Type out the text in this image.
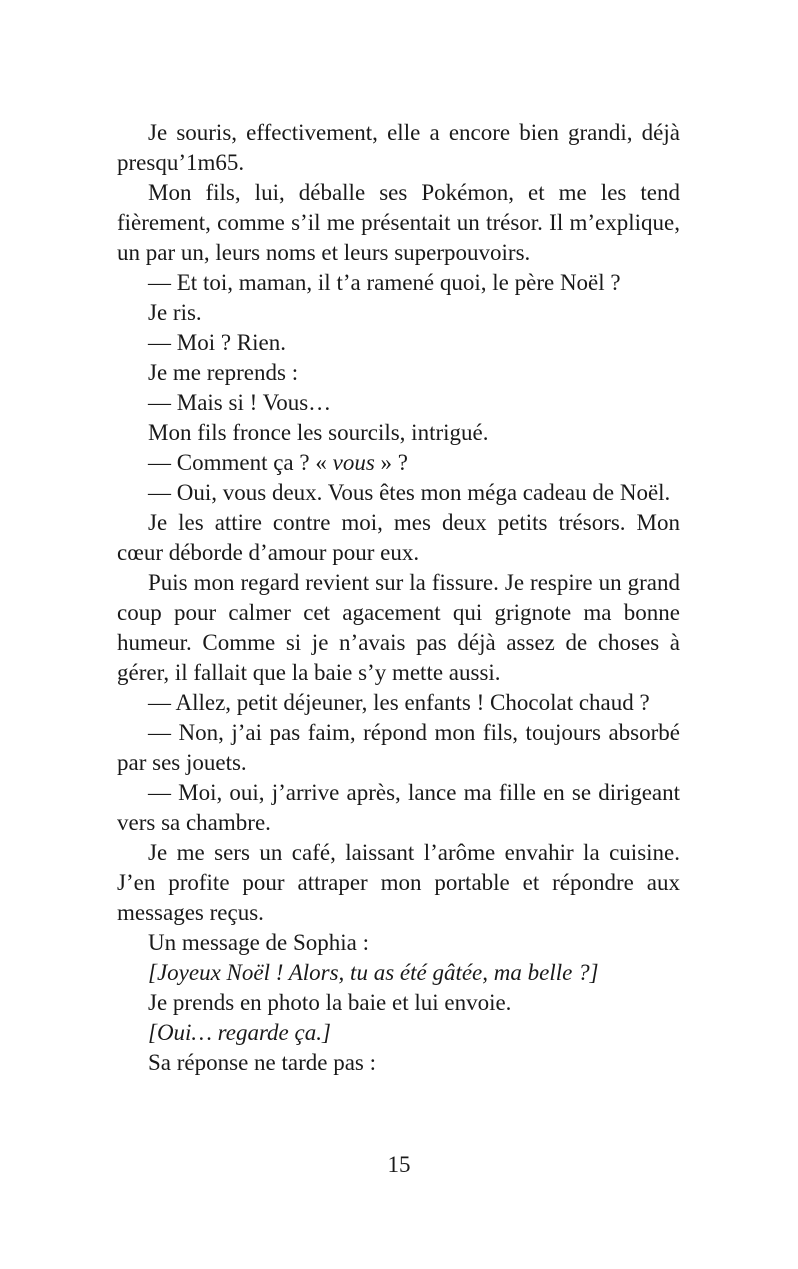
Je souris, effectivement, elle a encore bien grandi, déjà presqu’1m65.

Mon fils, lui, déballe ses Pokémon, et me les tend fièrement, comme s’il me présentait un trésor. Il m’explique, un par un, leurs noms et leurs superpouvoirs.

— Et toi, maman, il t’a ramené quoi, le père Noël ?

Je ris.

— Moi ? Rien.

Je me reprends :

— Mais si ! Vous…

Mon fils fronce les sourcils, intrigué.

— Comment ça ? « vous » ?

— Oui, vous deux. Vous êtes mon méga cadeau de Noël.

Je les attire contre moi, mes deux petits trésors. Mon cœur déborde d’amour pour eux.

Puis mon regard revient sur la fissure. Je respire un grand coup pour calmer cet agacement qui grignote ma bonne humeur. Comme si je n’avais pas déjà assez de choses à gérer, il fallait que la baie s’y mette aussi.

— Allez, petit déjeuner, les enfants ! Chocolat chaud ?

— Non, j’ai pas faim, répond mon fils, toujours absorbé par ses jouets.

— Moi, oui, j’arrive après, lance ma fille en se dirigeant vers sa chambre.

Je me sers un café, laissant l’arôme envahir la cuisine. J’en profite pour attraper mon portable et répondre aux messages reçus.

Un message de Sophia :

[Joyeux Noël ! Alors, tu as été gâtée, ma belle ?]

Je prends en photo la baie et lui envoie.

[Oui… regarde ça.]

Sa réponse ne tarde pas :

15
